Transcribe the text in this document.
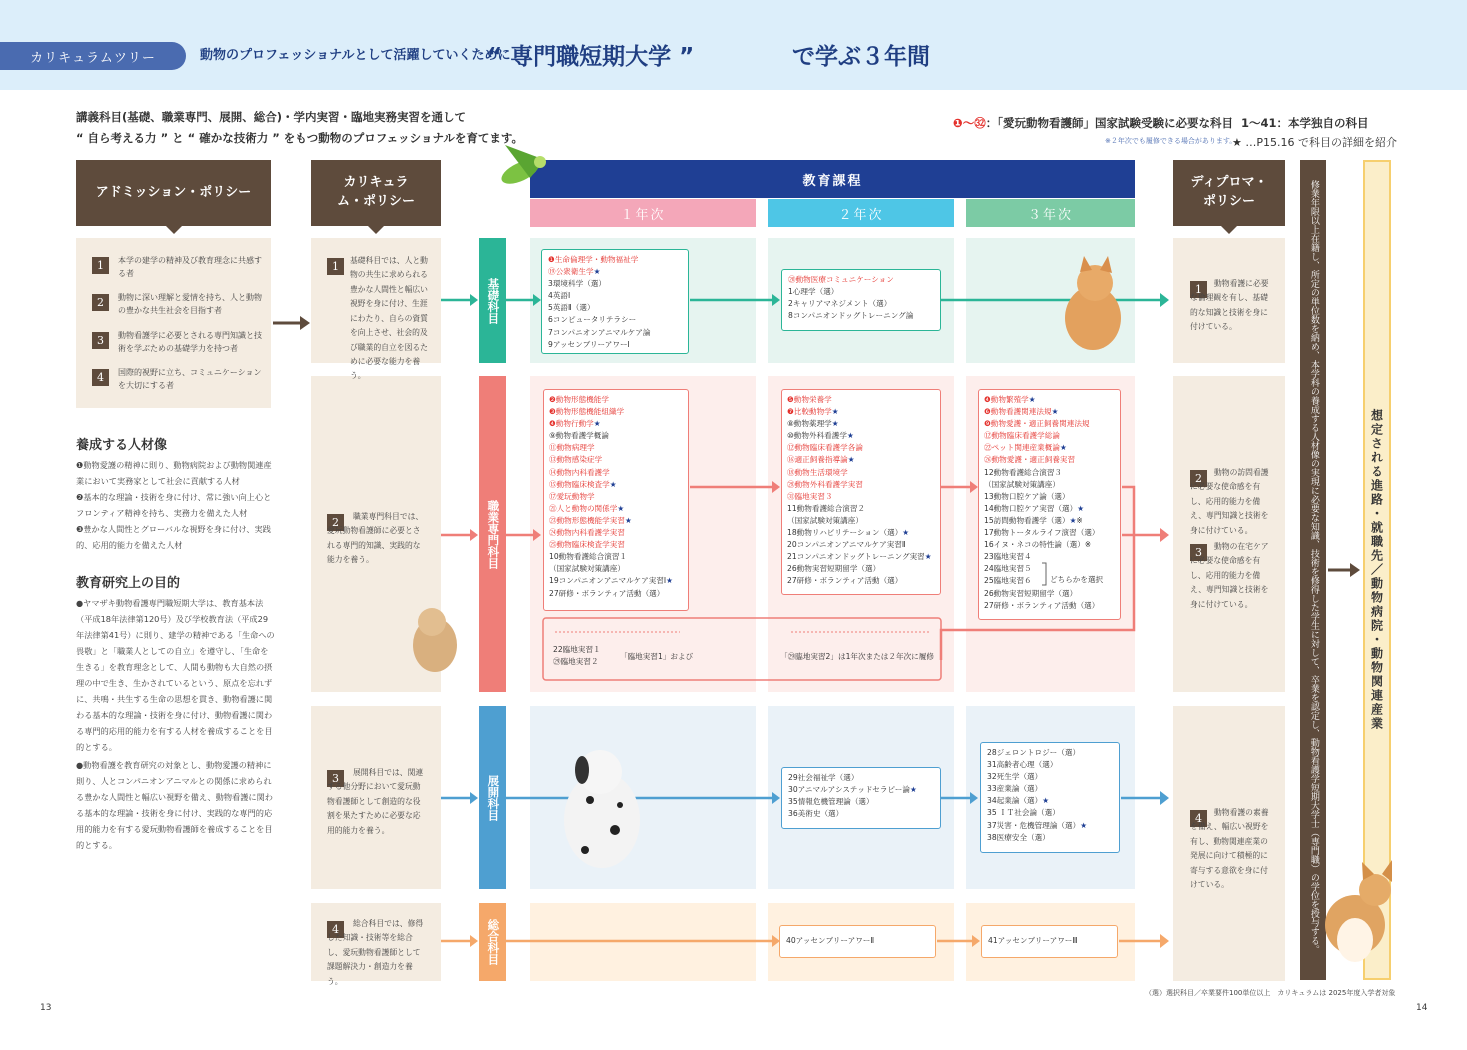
カリキュラムツリー	動物のプロフェッショナルとして活躍していくために
“ 専門職短期大学 ”	で学ぶ３年間
講義科目(基礎、職業専門、展開、総合)・学内実習・臨地実務実習を通して
“ 自ら考える力 ” と “ 確かな技術力 ” をもつ動物のプロフェッショナルを育てます。
❶〜㉜：「愛玩動物看護師」国家試験受験に必要な科目 1〜41：本学独自の科目
※２年次でも履修できる場合があります。
★ …P15.16 で科目の詳細を紹介
アドミッション・ポリシー
1	本学の建学の精神及び教育理念に共感する者
2	動物に深い理解と愛情を持ち、人と動物の豊かな共生社会を目指す者
3	動物看護学に必要とされる専門知識と技術を学ぶための基礎学力を持つ者
4	国際的視野に立ち、コミュニケーションを大切にする者
養成する人材像
❶動物愛護の精神に則り、動物病院および動物関連産業において実務家として社会に貢献する人材
❷基本的な理論・技術を身に付け、常に強い向上心とフロンティア精神を持ち、実務力を備えた人材
❸豊かな人間性とグローバルな視野を身に付け、実践的、応用的能力を備えた人材
教育研究上の目的
●ヤマザキ動物看護専門職短期大学は、教育基本法（平成18年法律第120号）及び学校教育法（平成29年法律第41号）に則り、建学の精神である「生命への畏敬」と「職業人としての自立」を遵守し、「生命を生きる」を教育理念として、人間も動物も大自然の摂理の中で生き、生かされているという、原点を忘れずに、共鳴・共生する生命の思想を貫き、動物看護に関わる基本的な理論・技術を身に付け、動物看護に関わる専門的応用的能力を有する人材を養成することを目的とする。
●動物看護を教育研究の対象とし、動物愛護の精神に則り、人とコンパニオンアニマルとの関係に求められる豊かな人間性と幅広い視野を備え、動物看護に関わる基本的な理論・技術を身に付け、実践的な専門的応用的能力を有する愛玩動物看護師を養成することを目的とする。
カリキュラム・ポリシー
1	基礎科目では、人と動物の共生に求められる豊かな人間性と幅広い視野を身に付け、生涯にわたり、自らの資質を向上させ、社会的及び職業的自立を図るために必要な能力を養う。
2	職業専門科目では、愛玩動物看護師に必要とされる専門的知識、実践的な能力を養う。
3	展開科目では、関連する他分野において愛玩動物看護師として創造的な役割を果たすために必要な応用的能力を養う。
4	総合科目では、修得した知識・技術等を総合し、愛玩動物看護師として課題解決力・創造力を養う。
基礎科目
職業専門科目
展開科目
総合科目
教育課程
１年次	２年次	３年次
❶生命倫理学・動物福祉学
⑲公衆衛生学★
3環境科学（選）
4英語Ⅰ
5英語Ⅱ（選）
6コンピュータリテラシー
7コンパニオンアニマルケア論
9アッセンブリーアワーⅠ
⑳動物医療コミュニケーション
1心理学（選）
2キャリアマネジメント（選）
8コンパニオンドッグトレーニング論
❷動物形態機能学
❸動物形態機能組織学
❹動物行動学★
⑨動物看護学概論
⑪動物病理学
⑬動物感染症学
⑭動物内科看護学
⑮動物臨床検査学★
⑰愛玩動物学
㉑人と動物の関係学★
㉓動物形態機能学実習★
㉔動物内科看護学実習
㉕動物臨床検査学実習
10動物看護総合演習１
（国家試験対策講座）
19コンパニオンアニマルケア実習Ⅰ★
27研修・ボランティア活動（選）
22臨地実習１
㉙臨地実習２
「臨地実習1」および	「㉙臨地実習2」は1年次または２年次に履修
❺動物栄養学
❼比較動物学★
⑧動物薬理学★
⑩動物外科看護学★
⑫動物臨床看護学各論
⑯適正飼養指導論★
⑱動物生活環境学
㉘動物外科看護学実習
㉛臨地実習３
11動物看護総合演習２
（国家試験対策講座）
18動物リハビリテーション（選）★
20コンパニオンアニマルケア実習Ⅱ
21コンパニオンドッグトレーニング実習★
26動物実習短期留学（選）
27研修・ボランティア活動（選）
❹動物繁殖学★
❻動物看護関連法規★
❾動物愛護・適正飼養関連法規
⑫動物臨床看護学総論
㉒ペット関連産業概論★
㉖動物愛護・適正飼養実習
12動物看護総合演習３
（国家試験対策講座）
13動物口腔ケア論（選）
14動物口腔ケア実習（選）★
15訪問動物看護学（選）★※
17動物トータルライフ演習（選）
16イヌ・ネコの特性論（選）※
23臨地実習４
24臨地実習５
25臨地実習６
26動物実習短期留学（選）
27研修・ボランティア活動（選）
どちらかを選択
29社会福祉学（選）
30アニマルアシステッドセラピー論★
35情報危機管理論（選）
36美術史（選）
28ジェロントロジー（選）
31高齢者心理（選）
32死生学（選）
33産業論（選）
34起業論（選）★
35 ＩＴ社会論（選）
37災害・危機管理論（選）★
38医療安全（選）
40アッセンブリーアワーⅡ	41アッセンブリーアワーⅢ
ディプロマ・ポリシー
1	動物看護に必要な倫理観を有し、基礎的な知識と技術を身に付けている。
2	動物の訪問看護に必要な使命感を有し、応用的能力を備え、専門知識と技術を身に付けている。
3	動物の在宅ケアに必要な使命感を有し、応用的能力を備え、専門知識と技術を身に付けている。
4	動物看護の素養を備え、幅広い視野を有し、動物関連産業の発展に向けて積極的に寄与する意欲を身に付けている。	修業年限以上在籍し、所定の単位数を納め、本学科の養成する人材像の実現に必要な知識、技術を修得した学生に対して、卒業を認定し、動物看護学短期大学士（専門職）の学位を授与する。	想定される進路・就職先／動物病院・動物関連産業
（選）選択科目／卒業要件100単位以上　カリキュラムは 2025年度入学者対象
13	14
